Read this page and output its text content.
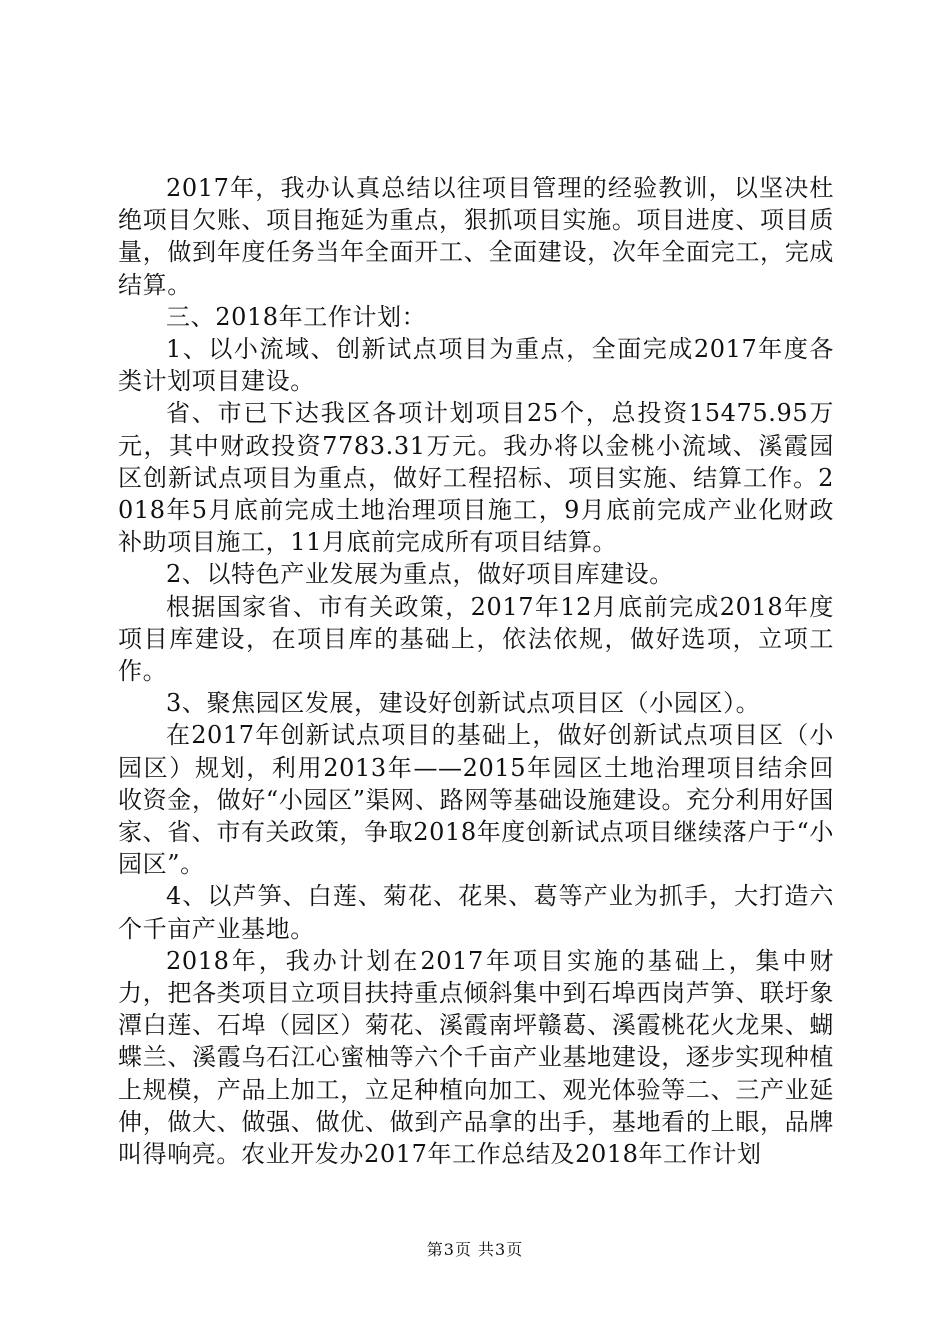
2017年，我办认真总结以往项目管理的经验教训，以坚决杜绝项目欠账、项目拖延为重点，狠抓项目实施。项目进度、项目质量，做到年度任务当年全面开工、全面建设，次年全面完工，完成结算。

三、2018年工作计划：

1、以小流域、创新试点项目为重点，全面完成2017年度各类计划项目建设。

省、市已下达我区各项计划项目25个，总投资15475.95万元，其中财政投资7783.31万元。我办将以金桃小流域、溪霞园区创新试点项目为重点，做好工程招标、项目实施、结算工作。2018年5月底前完成土地治理项目施工，9月底前完成产业化财政补助项目施工，11月底前完成所有项目结算。

2、以特色产业发展为重点，做好项目库建设。

根据国家省、市有关政策，2017年12月底前完成2018年度项目库建设，在项目库的基础上，依法依规，做好选项，立项工作。

3、聚焦园区发展，建设好创新试点项目区（小园区）。

在2017年创新试点项目的基础上，做好创新试点项目区（小园区）规划，利用2013年——2015年园区土地治理项目结余回收资金，做好“小园区”渠网、路网等基础设施建设。充分利用好国家、省、市有关政策，争取2018年度创新试点项目继续落户于“小园区”。

4、以芦笋、白莲、菊花、花果、葛等产业为抓手，大打造六个千亩产业基地。

2018年，我办计划在2017年项目实施的基础上，集中财力，把各类项目立项目扶持重点倾斜集中到石埠西岗芦笋、联圩象潭白莲、石埠（园区）菊花、溪霞南坪赣葛、溪霞桃花火龙果、蝴蝶兰、溪霞乌石江心蜜柚等六个千亩产业基地建设，逐步实现种植上规模，产品上加工，立足种植向加工、观光体验等二、三产业延伸，做大、做强、做优、做到产品拿的出手，基地看的上眼，品牌叫得响亮。农业开发办2017年工作总结及2018年工作计划

第3页 共3页
